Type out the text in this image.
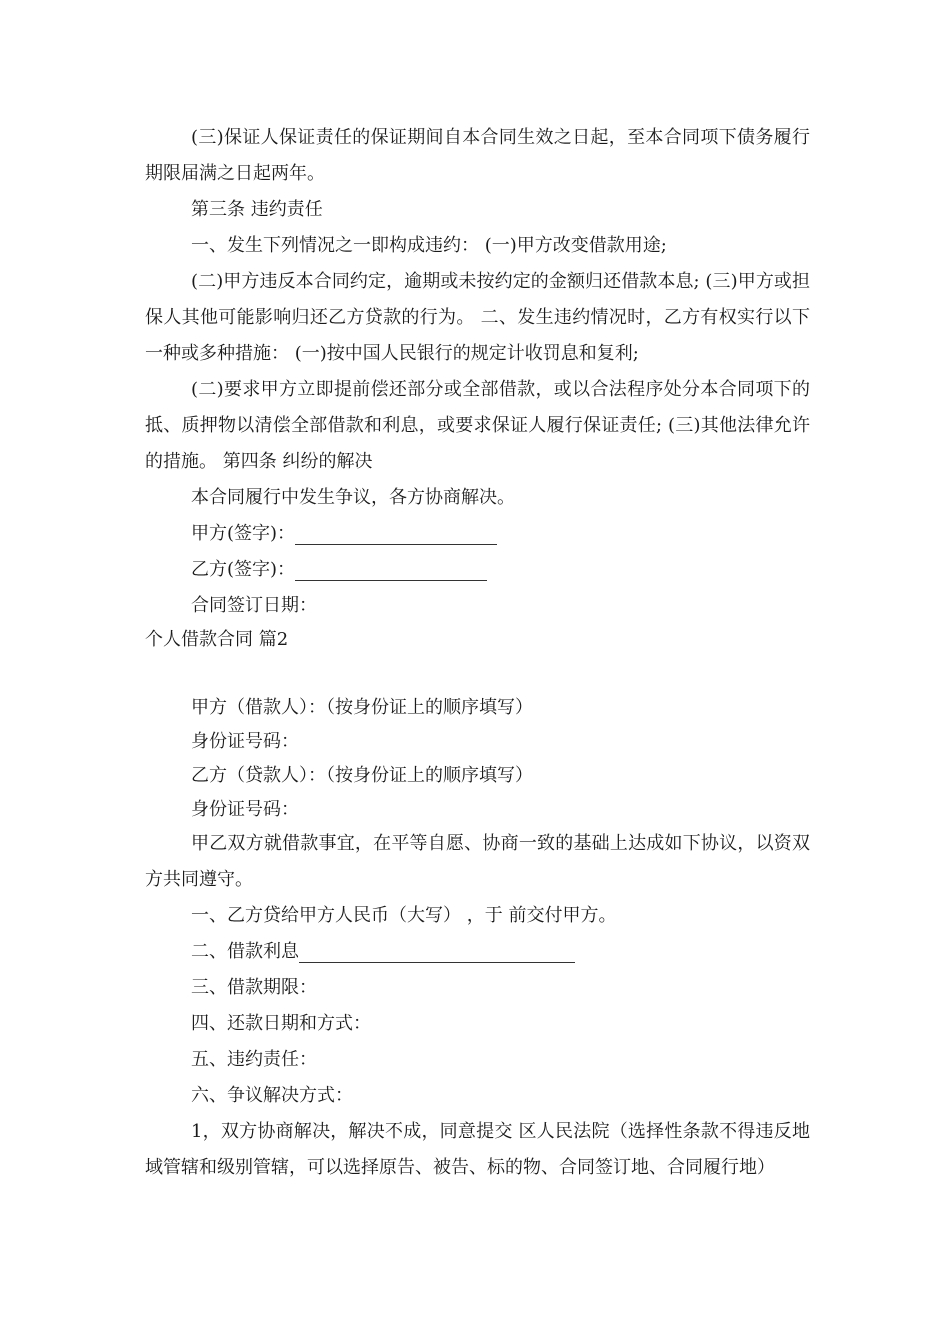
(三)保证人保证责任的保证期间自本合同生效之日起，至本合同项下债务履行期限届满之日起两年。

第三条 违约责任

一、发生下列情况之一即构成违约： (一)甲方改变借款用途;

(二)甲方违反本合同约定，逾期或未按约定的金额归还借款本息; (三)甲方或担保人其他可能影响归还乙方贷款的行为。 二、发生违约情况时，乙方有权实行以下一种或多种措施： (一)按中国人民银行的规定计收罚息和复利;

(二)要求甲方立即提前偿还部分或全部借款，或以合法程序处分本合同项下的抵、质押物以清偿全部借款和利息，或要求保证人履行保证责任; (三)其他法律允许的措施。 第四条 纠纷的解决

本合同履行中发生争议，各方协商解决。

甲方(签字)：

乙方(签字)：

合同签订日期：

个人借款合同 篇2

甲方（借款人）：（按身份证上的顺序填写）

身份证号码：

乙方（贷款人）：（按身份证上的顺序填写）

身份证号码：

甲乙双方就借款事宜，在平等自愿、协商一致的基础上达成如下协议，以资双方共同遵守。

一、乙方贷给甲方人民币（大写） ，于 前交付甲方。

二、借款利息

三、借款期限：

四、还款日期和方式：

五、违约责任：

六、争议解决方式：

1，双方协商解决，解决不成，同意提交 区人民法院（选择性条款不得违反地域管辖和级别管辖，可以选择原告、被告、标的物、合同签订地、合同履行地）
